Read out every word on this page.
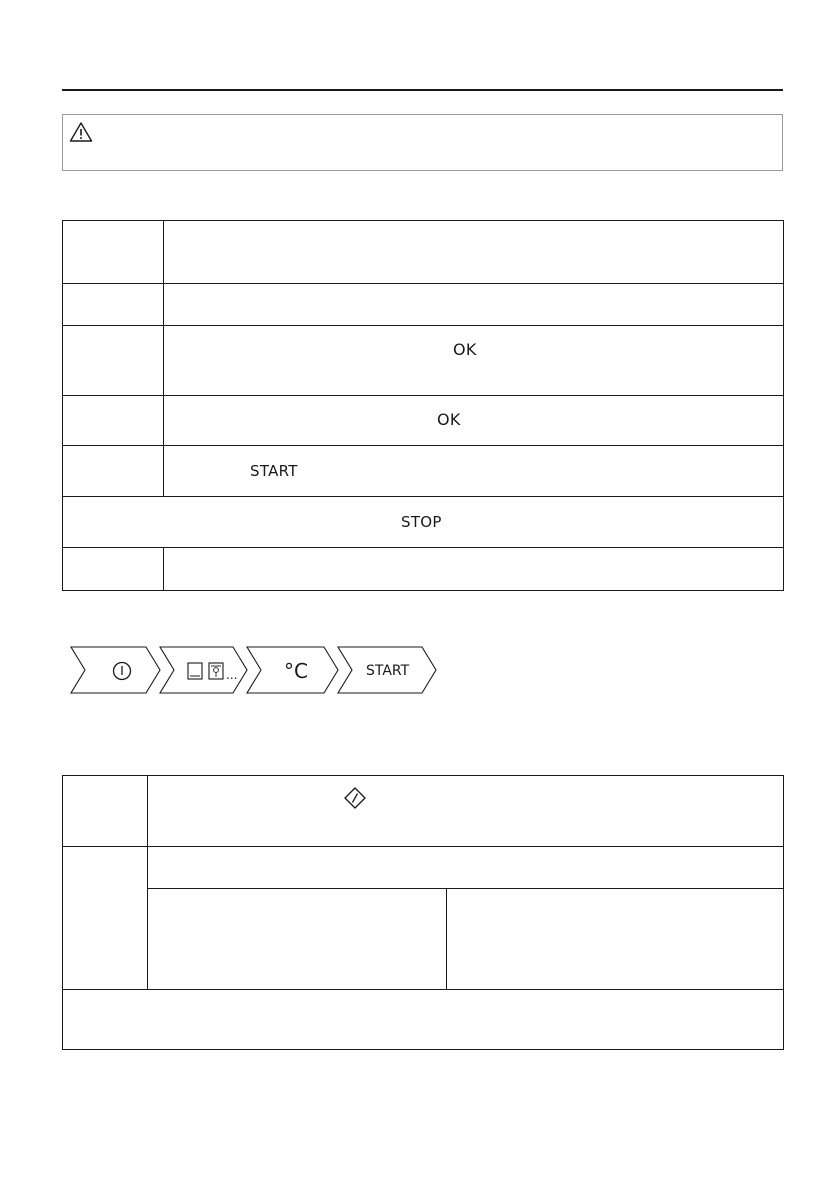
	OK

	OK

	START

STOP	

... °C	START
